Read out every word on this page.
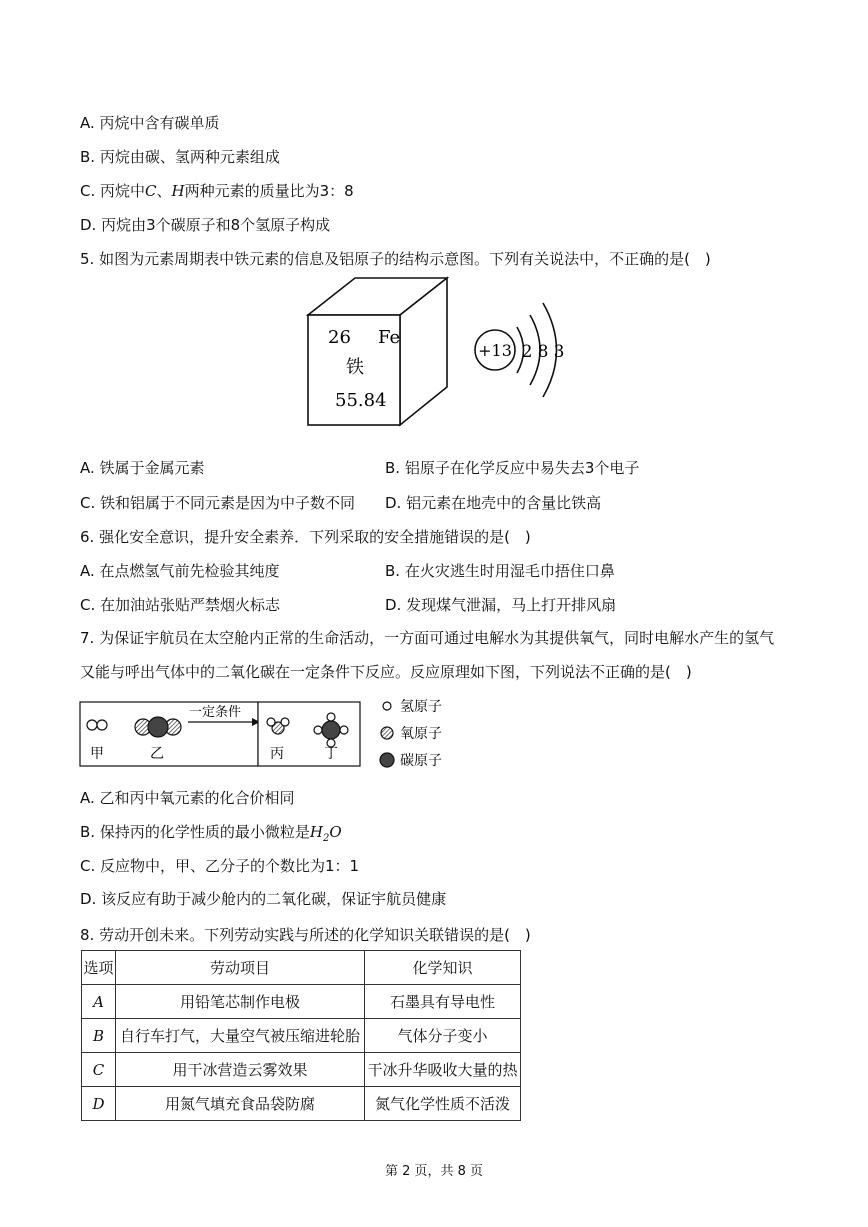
A. 丙烷中含有碳单质
B. 丙烷由碳、氢两种元素组成
C. 丙烷中C、H两种元素的质量比为3：8
D. 丙烷由3个碳原子和8个氢原子构成
5. 如图为元素周期表中铁元素的信息及铝原子的结构示意图。下列有关说法中，不正确的是(　)
26 Fe
铁
55.84
+13 2 8 3
A. 铁属于金属元素	B. 铝原子在化学反应中易失去3个电子
C. 铁和铝属于不同元素是因为中子数不同 D. 铝元素在地壳中的含量比铁高
6. 强化安全意识，提升安全素养．下列采取的安全措施错误的是(　)
A. 在点燃氢气前先检验其纯度	B. 在火灾逃生时用湿毛巾捂住口鼻
C. 在加油站张贴严禁烟火标志	D. 发现煤气泄漏，马上打开排风扇
7. 为保证宇航员在太空舱内正常的生命活动，一方面可通过电解水为其提供氧气，同时电解水产生的氢气
又能与呼出气体中的二氧化碳在一定条件下反应。反应原理如下图，下列说法不正确的是(　)
甲	乙
一定条件
丙	丁
氢原子
氧原子
碳原子
A. 乙和丙中氧元素的化合价相同
B. 保持丙的化学性质的最小微粒是$H_2O$
C. 反应物中，甲、乙分子的个数比为1：1
D. 该反应有助于减少舱内的二氧化碳，保证宇航员健康
8. 劳动开创未来。下列劳动实践与所述的化学知识关联错误的是(　)
选项	劳动项目	化学知识
A	用铅笔芯制作电极	石墨具有导电性
B	自行车打气，大量空气被压缩进轮胎	气体分子变小
C	用干冰营造云雾效果	干冰升华吸收大量的热
D	用氮气填充食品袋防腐	氮气化学性质不活泼
第 2 页，共 8 页
